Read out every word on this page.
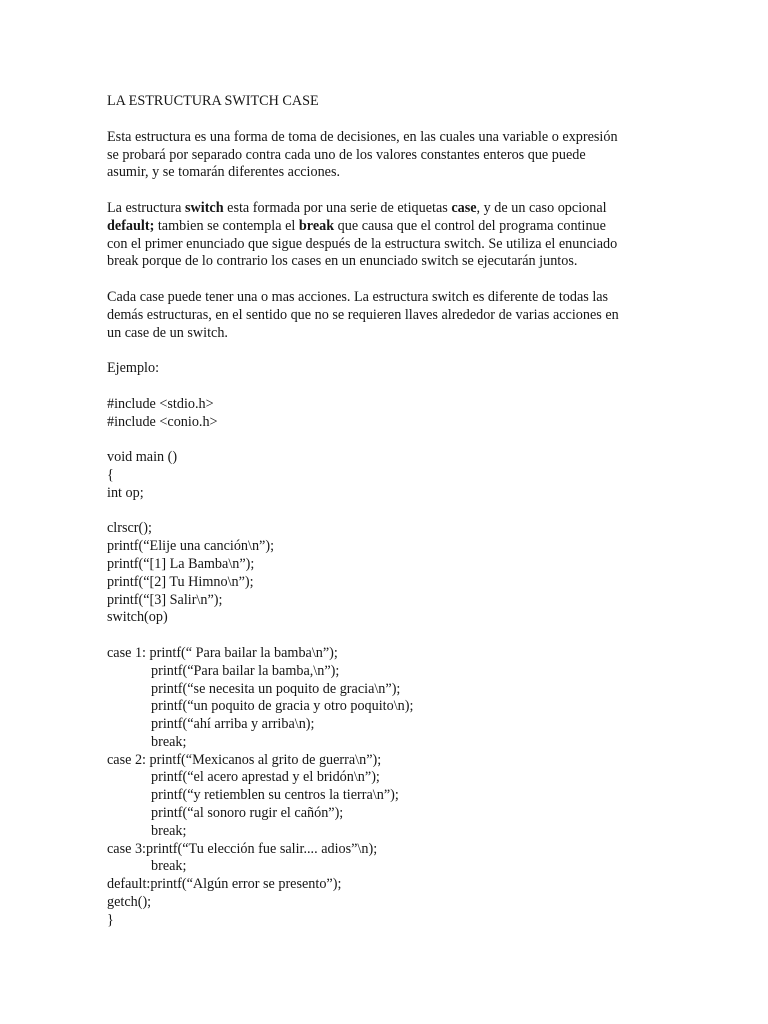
LA ESTRUCTURA SWITCH CASE
Esta estructura es una forma de toma de decisiones, en las cuales una variable o expresión
se probará por separado contra cada uno de los valores constantes enteros que puede
asumir, y se tomarán diferentes acciones.
La estructura switch esta formada por una serie de etiquetas case, y de un caso opcional
default; tambien se contempla el break que causa que el control del programa continue
con el primer enunciado que sigue después de la estructura switch. Se utiliza el enunciado
break porque de lo contrario los cases en un enunciado switch se ejecutarán juntos.
Cada case puede tener una o mas acciones. La estructura switch es diferente de todas las
demás estructuras, en el sentido que no se requieren llaves alrededor de varias acciones en
un case de un switch.
Ejemplo:
#include <stdio.h>
#include <conio.h>
void main ()
{
int op;
clrscr();
printf(“Elije una canción\n”);
printf(“[1] La Bamba\n”);
printf(“[2] Tu Himno\n”);
printf(“[3] Salir\n”);
switch(op)
case 1: printf(“ Para bailar la bamba\n”);
printf(“Para bailar la bamba,\n”);
printf(“se necesita un poquito de gracia\n”);
printf(“un poquito de gracia y otro poquito\n);
printf(“ahí arriba y arriba\n);
break;
case 2: printf(“Mexicanos al grito de guerra\n”);
printf(“el acero aprestad y el bridón\n”);
printf(“y retiemblen su centros la tierra\n”);
printf(“al sonoro rugir el cañón”);
break;
case 3:printf(“Tu elección fue salir.... adios”\n);
break;
default:printf(“Algún error se presento”);
getch();
}
